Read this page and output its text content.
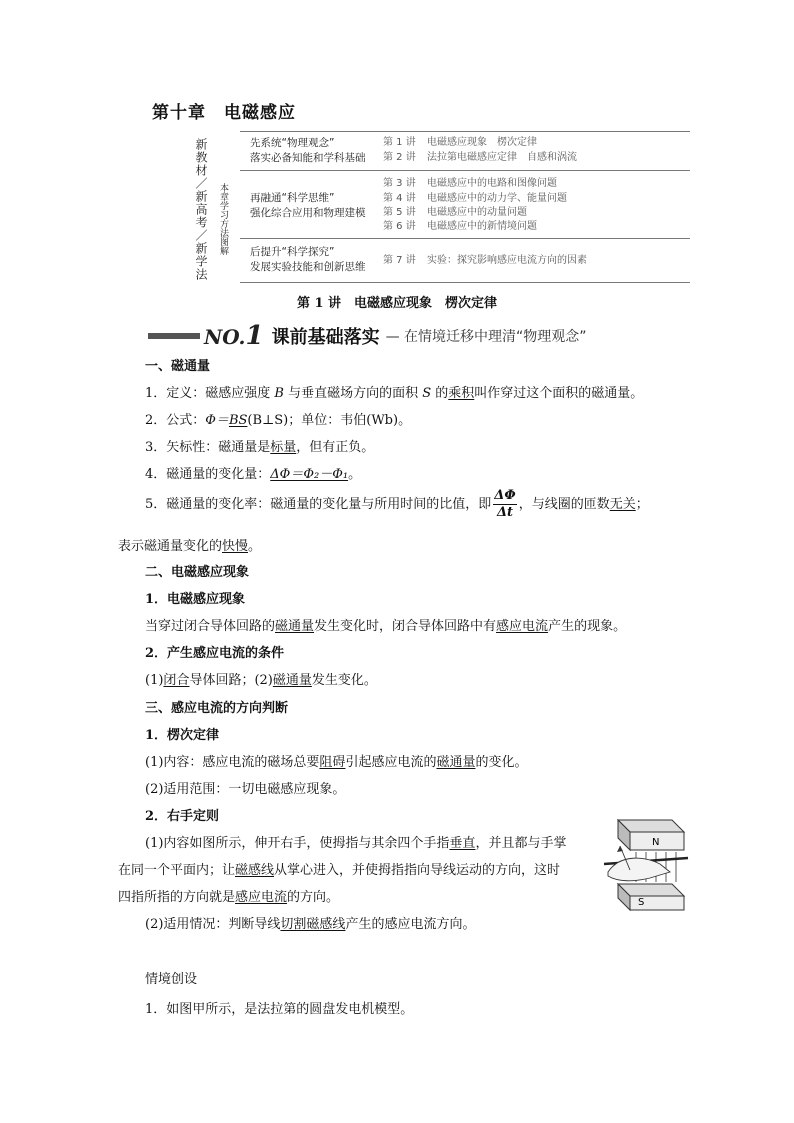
第十章　电磁感应
新教材／新高考／新学法 本章学习方法图解
先系统“物理观念”
落实必备知能和学科基础
第 1 讲 电磁感应现象　楞次定律
第 2 讲 法拉第电磁感应定律　自感和涡流
再融通“科学思维”
强化综合应用和物理建模
第 3 讲 电磁感应中的电路和图像问题
第 4 讲 电磁感应中的动力学、能量问题
第 5 讲 电磁感应中的动量问题
第 6 讲 电磁感应中的新情境问题
后提升“科学探究”
发展实验技能和创新思维
第 7 讲 实验：探究影响感应电流方向的因素
第 1 讲　电磁感应现象　楞次定律
NO.1 课前基础落实 — 在情境迁移中理清“物理观念”
一、磁通量
1．定义：磁感应强度 B 与垂直磁场方向的面积 S 的乘积叫作穿过这个面积的磁通量。
2．公式：Φ＝BS(B⊥S)；单位：韦伯(Wb)。
3．矢标性：磁通量是标量，但有正负。
4．磁通量的变化量：ΔΦ＝Φ₂－Φ₁。
5．磁通量的变化率：磁通量的变化量与所用时间的比值，即 $\frac{\Delta\Phi}{\Delta t}$ ，与线圈的匝数无关；
表示磁通量变化的快慢。
二、电磁感应现象
1．电磁感应现象
当穿过闭合导体回路的磁通量发生变化时，闭合导体回路中有感应电流产生的现象。
2．产生感应电流的条件
(1)闭合导体回路；(2)磁通量发生变化。
三、感应电流的方向判断
1．楞次定律
(1)内容：感应电流的磁场总要阻碍引起感应电流的磁通量的变化。
(2)适用范围：一切电磁感应现象。
2．右手定则
(1)内容如图所示，伸开右手，使拇指与其余四个手指垂直，并且都与手掌
在同一个平面内；让磁感线从掌心进入，并使拇指指向导线运动的方向，这时
四指所指的方向就是感应电流的方向。
(2)适用情况：判断导线切割磁感线产生的感应电流方向。
N
S
情境创设
1．如图甲所示，是法拉第的圆盘发电机模型。
